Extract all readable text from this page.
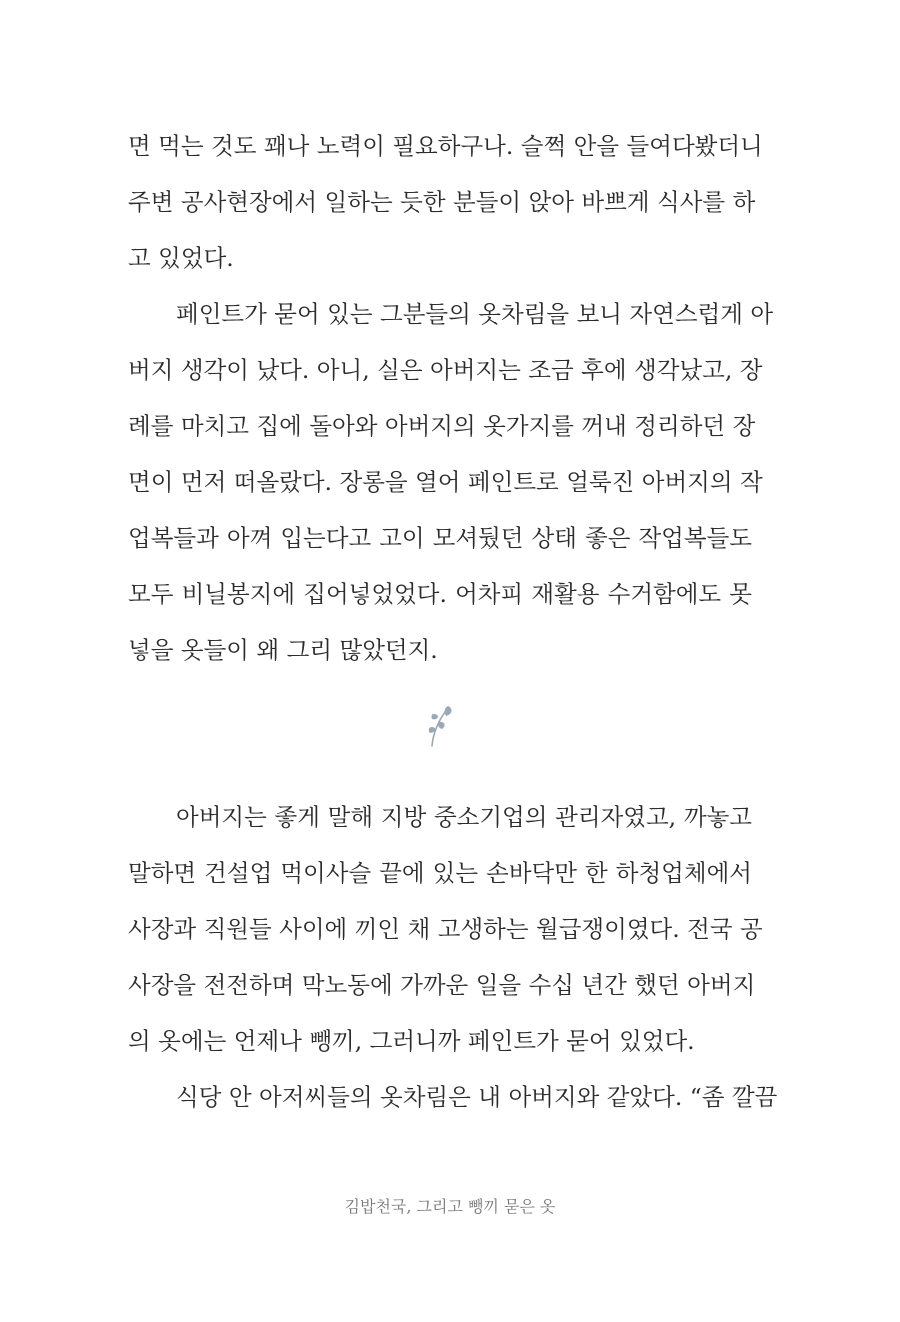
면 먹는 것도 꽤나 노력이 필요하구나. 슬쩍 안을 들여다봤더니
주변 공사현장에서 일하는 듯한 분들이 앉아 바쁘게 식사를 하
고 있었다.
페인트가 묻어 있는 그분들의 옷차림을 보니 자연스럽게 아
버지 생각이 났다. 아니, 실은 아버지는 조금 후에 생각났고, 장
례를 마치고 집에 돌아와 아버지의 옷가지를 꺼내 정리하던 장
면이 먼저 떠올랐다. 장롱을 열어 페인트로 얼룩진 아버지의 작
업복들과 아껴 입는다고 고이 모셔뒀던 상태 좋은 작업복들도
모두 비닐봉지에 집어넣었었다. 어차피 재활용 수거함에도 못
넣을 옷들이 왜 그리 많았던지.
아버지는 좋게 말해 지방 중소기업의 관리자였고, 까놓고
말하면 건설업 먹이사슬 끝에 있는 손바닥만 한 하청업체에서
사장과 직원들 사이에 끼인 채 고생하는 월급쟁이였다. 전국 공
사장을 전전하며 막노동에 가까운 일을 수십 년간 했던 아버지
의 옷에는 언제나 뺑끼, 그러니까 페인트가 묻어 있었다.
식당 안 아저씨들의 옷차림은 내 아버지와 같았다. “좀 깔끔
김밥천국, 그리고 뺑끼 묻은 옷
